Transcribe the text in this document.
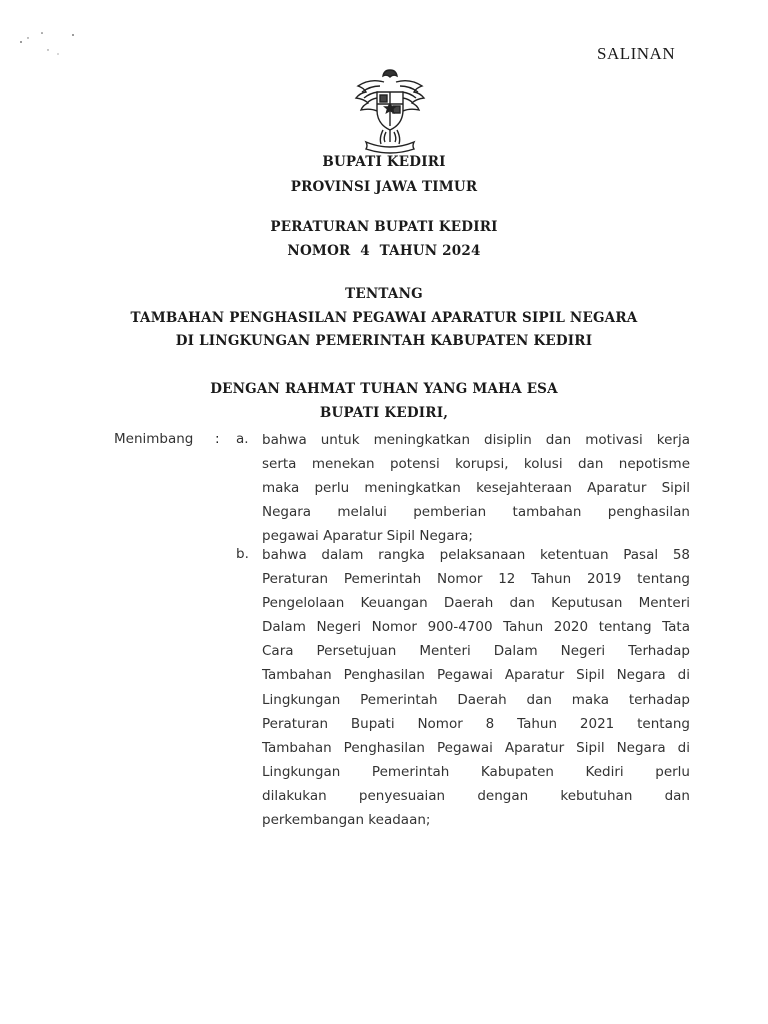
SALINAN
BUPATI KEDIRI
PROVINSI JAWA TIMUR
PERATURAN BUPATI KEDIRI
NOMOR  4  TAHUN 2024
TENTANG
TAMBAHAN PENGHASILAN PEGAWAI APARATUR SIPIL NEGARA
DI LINGKUNGAN PEMERINTAH KABUPATEN KEDIRI
DENGAN RAHMAT TUHAN YANG MAHA ESA
BUPATI KEDIRI,
Menimbang : a. bahwa untuk meningkatkan disiplin dan motivasi kerja
serta menekan potensi korupsi, kolusi dan nepotisme
maka perlu meningkatkan kesejahteraan Aparatur Sipil
Negara melalui pemberian tambahan penghasilan
pegawai Aparatur Sipil Negara;
b. bahwa dalam rangka pelaksanaan ketentuan Pasal 58
Peraturan Pemerintah Nomor 12 Tahun 2019 tentang
Pengelolaan Keuangan Daerah dan Keputusan Menteri
Dalam Negeri Nomor 900-4700 Tahun 2020 tentang Tata
Cara Persetujuan Menteri Dalam Negeri Terhadap
Tambahan Penghasilan Pegawai Aparatur Sipil Negara di
Lingkungan Pemerintah Daerah dan maka terhadap
Peraturan Bupati Nomor 8 Tahun 2021 tentang
Tambahan Penghasilan Pegawai Aparatur Sipil Negara di
Lingkungan Pemerintah Kabupaten Kediri perlu
dilakukan penyesuaian dengan kebutuhan dan
perkembangan keadaan;
